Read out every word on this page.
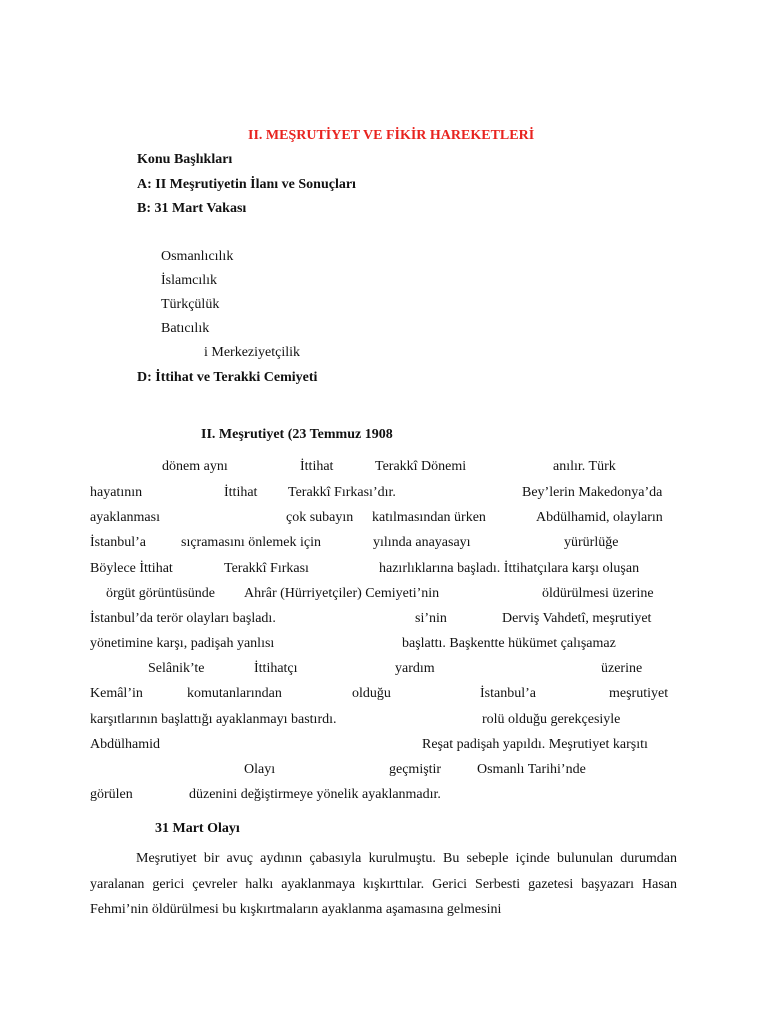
II. MEŞRUTİYET VE FİKİR HAREKETLERİ
Konu Başlıkları
A: II Meşrutiyetin İlanı ve Sonuçları
B: 31 Mart Vakası
Osmanlıcılık
İslamcılık
Türkçülük
Batıcılık
i Merkeziyetçilik
D: İttihat ve Terakki Cemiyeti
II. Meşrutiyet (23 Temmuz 1908
dönem aynı	İttihat	Terakkî Dönemi	anılır. Türk
hayatının	İttihat Terakkî Fırkası’dır.	Bey’lerin Makedonya’da
ayaklanması	çok subayın katılmasından ürken	Abdülhamid, olayların
İstanbul’a	sıçramasını önlemek için	yılında anayasayı	yürürlüğe
Böylece İttihat	Terakkî Fırkası	hazırlıklarına başladı. İttihatçılara karşı oluşan
örgüt görüntüsünde Ahrâr (Hürriyetçiler) Cemiyeti’nin	öldürülmesi üzerine
İstanbul’da terör olayları başladı.	si’nin	Derviş Vahdetî, meşrutiyet
yönetimine karşı, padişah yanlısı	başlattı. Başkentte hükümet çalışamaz
Selânik’te	İttihatçı	yardım	üzerine
Kemâl’in	komutanlarından	olduğu	İstanbul’a	meşrutiyet
karşıtlarının başlattığı ayaklanmayı bastırdı.	rolü olduğu gerekçesiyle
Abdülhamid	Reşat padişah yapıldı. Meşrutiyet karşıtı
Olayı	geçmiştir	Osmanlı Tarihi’nde
görülen	düzenini değiştirmeye yönelik ayaklanmadır.
31 Mart Olayı
Meşrutiyet bir avuç aydının çabasıyla kurulmuştu. Bu sebeple içinde bulunulan durumdan yaralanan gerici çevreler halkı ayaklanmaya kışkırttılar. Gerici Serbesti gazetesi başyazarı Hasan Fehmi’nin öldürülmesi bu kışkırtmaların ayaklanma aşamasına gelmesini
